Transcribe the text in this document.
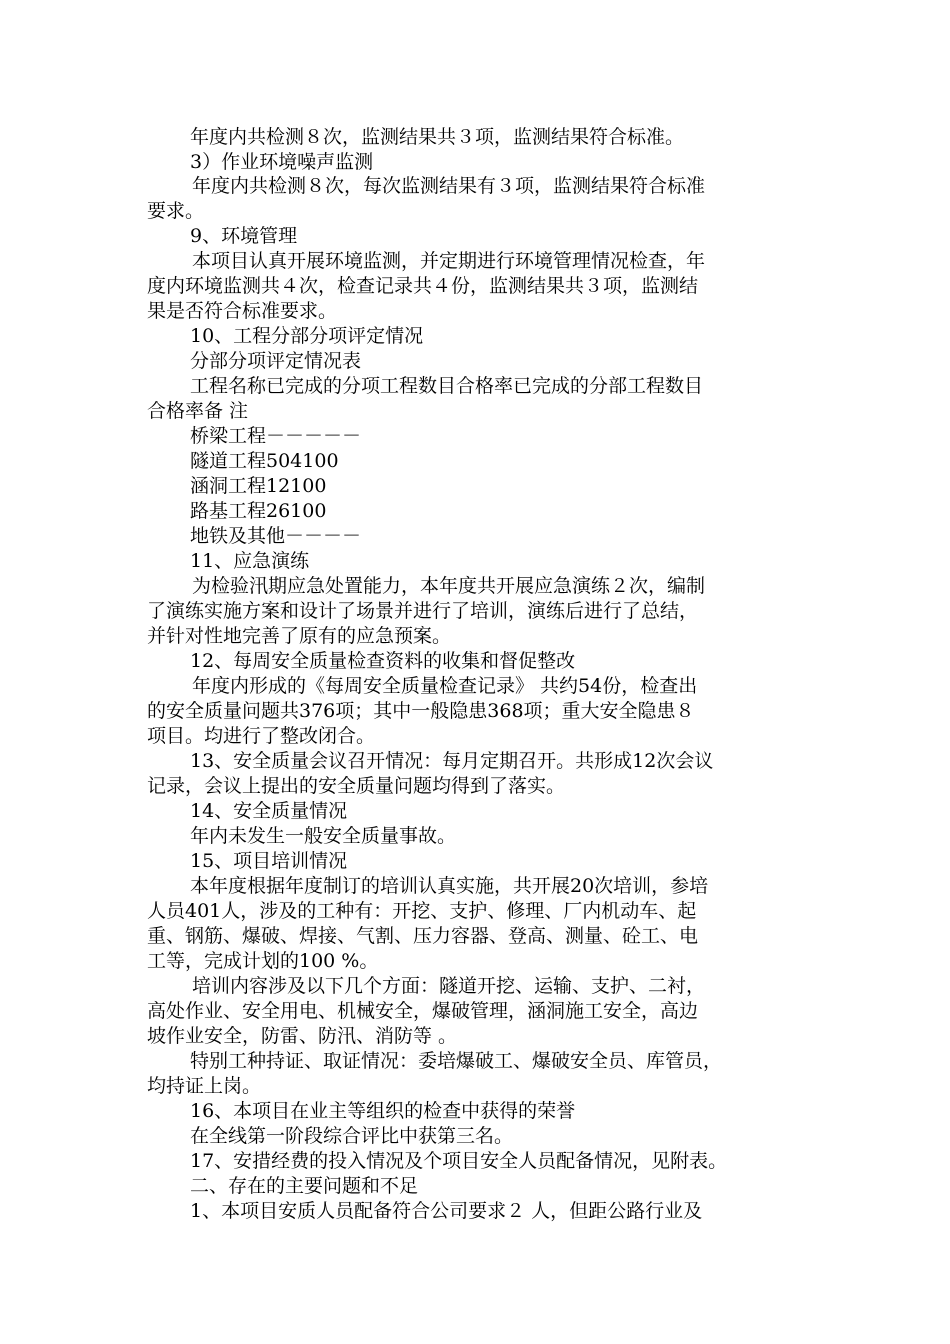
年度内共检测８次，监测结果共３项，监测结果符合标准。
3）作业环境噪声监测
年度内共检测８次，每次监测结果有３项，监测结果符合标准
要求。
9、环境管理
本项目认真开展环境监测，并定期进行环境管理情况检查，年
度内环境监测共４次，检查记录共４份，监测结果共３项，监测结
果是否符合标准要求。
10、工程分部分项评定情况
分部分项评定情况表
工程名称已完成的分项工程数目合格率已完成的分部工程数目
合格率备 注
桥梁工程－－－－－
隧道工程504100
涵洞工程12100
路基工程26100
地铁及其他－－－－
11、应急演练
为检验汛期应急处置能力，本年度共开展应急演练２次，编制
了演练实施方案和设计了场景并进行了培训，演练后进行了总结，
并针对性地完善了原有的应急预案。
12、每周安全质量检查资料的收集和督促整改
年度内形成的《每周安全质量检查记录》 共约54份，检查出
的安全质量问题共376项；其中一般隐患368项；重大安全隐患８
项目。均进行了整改闭合。
13、安全质量会议召开情况：每月定期召开。共形成12次会议
记录，会议上提出的安全质量问题均得到了落实。
14、安全质量情况
年内未发生一般安全质量事故。
15、项目培训情况
本年度根据年度制订的培训认真实施，共开展20次培训，参培
人员401人，涉及的工种有：开挖、支护、修理、厂内机动车、起
重、钢筋、爆破、焊接、气割、压力容器、登高、测量、砼工、电
工等，完成计划的100 %。
培训内容涉及以下几个方面：隧道开挖、运输、支护、二衬，
高处作业、安全用电、机械安全，爆破管理，涵洞施工安全，高边
坡作业安全，防雷、防汛、消防等 。
特别工种持证、取证情况：委培爆破工、爆破安全员、库管员，
均持证上岗。
16、本项目在业主等组织的检查中获得的荣誉
在全线第一阶段综合评比中获第三名。
17、安措经费的投入情况及个项目安全人员配备情况，见附表。
二、存在的主要问题和不足
1、本项目安质人员配备符合公司要求２ 人，但距公路行业及
